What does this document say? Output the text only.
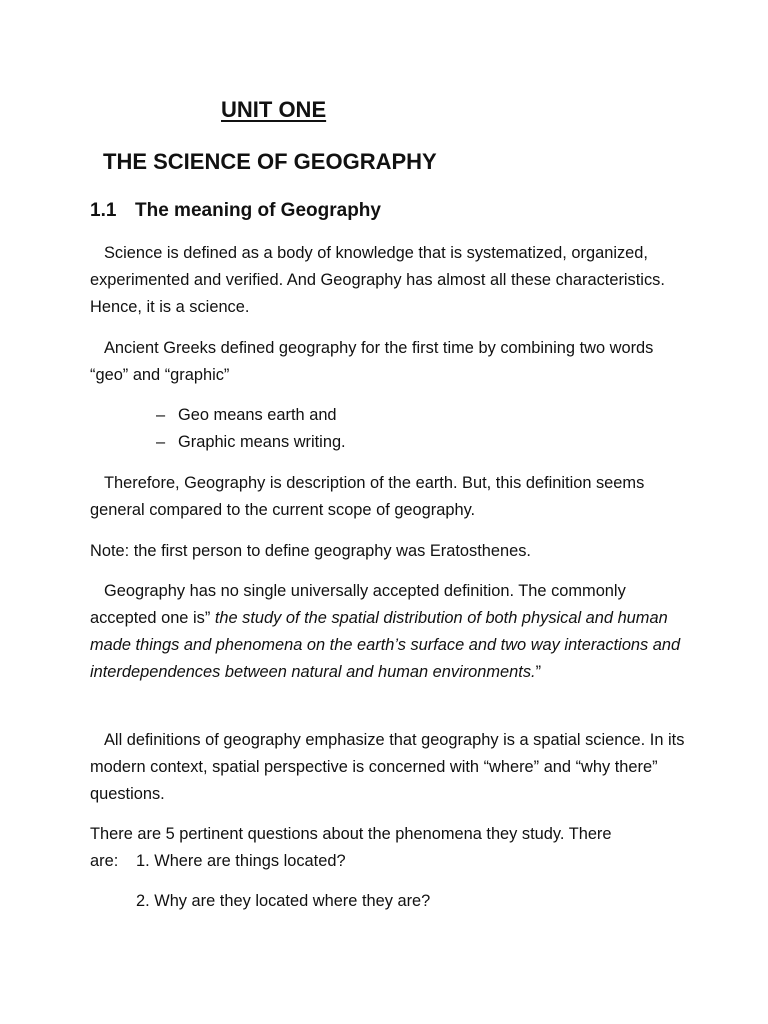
UNIT ONE
THE SCIENCE OF GEOGRAPHY
1.1 The meaning of Geography

Science is defined as a body of knowledge that is systematized, organized, experimented and verified. And Geography has almost all these characteristics. Hence, it is a science.

Ancient Greeks defined geography for the first time by combining two words “geo” and “graphic”

– Geo means earth and
– Graphic means writing.

Therefore, Geography is description of the earth. But, this definition seems general compared to the current scope of geography.

Note: the first person to define geography was Eratosthenes.

Geography has no single universally accepted definition. The commonly accepted one is” the study of the spatial distribution of both physical and human made things and phenomena on the earth’s surface and two way interactions and interdependences between natural and human environments.”

All definitions of geography emphasize that geography is a spatial science. In its modern context, spatial perspective is concerned with “where” and “why there” questions.

There are 5 pertinent questions about the phenomena they study. There
are: 1. Where are things located?
2. Why are they located where they are?
